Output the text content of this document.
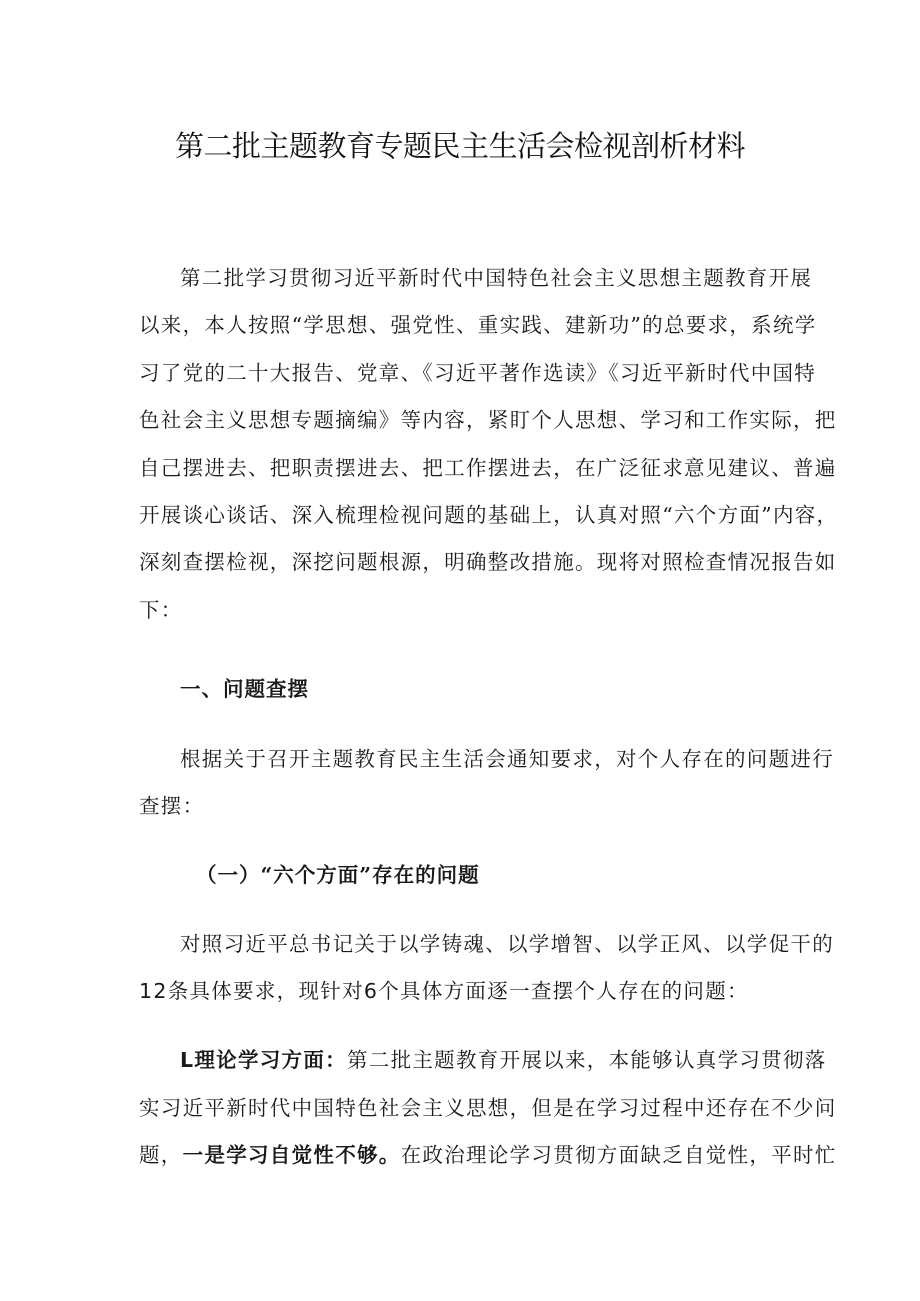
第二批主题教育专题民主生活会检视剖析材料
第二批学习贯彻习近平新时代中国特色社会主义思想主题教育开展
以来，本人按照“学思想、强党性、重实践、建新功”的总要求，系统学
习了党的二十大报告、党章、《习近平著作选读》《习近平新时代中国特
色社会主义思想专题摘编》等内容，紧盯个人思想、学习和工作实际，把
自己摆进去、把职责摆进去、把工作摆进去，在广泛征求意见建议、普遍
开展谈心谈话、深入梳理检视问题的基础上，认真对照“六个方面”内容，
深刻查摆检视，深挖问题根源，明确整改措施。现将对照检查情况报告如
下：
一、问题查摆
根据关于召开主题教育民主生活会通知要求，对个人存在的问题进行
查摆：
（一）“六个方面”存在的问题
对照习近平总书记关于以学铸魂、以学增智、以学正风、以学促干的
12条具体要求，现针对6个具体方面逐一查摆个人存在的问题：
L理论学习方面：第二批主题教育开展以来，本能够认真学习贯彻落
实习近平新时代中国特色社会主义思想，但是在学习过程中还存在不少问
题，一是学习自觉性不够。在政治理论学习贯彻方面缺乏自觉性，平时忙
